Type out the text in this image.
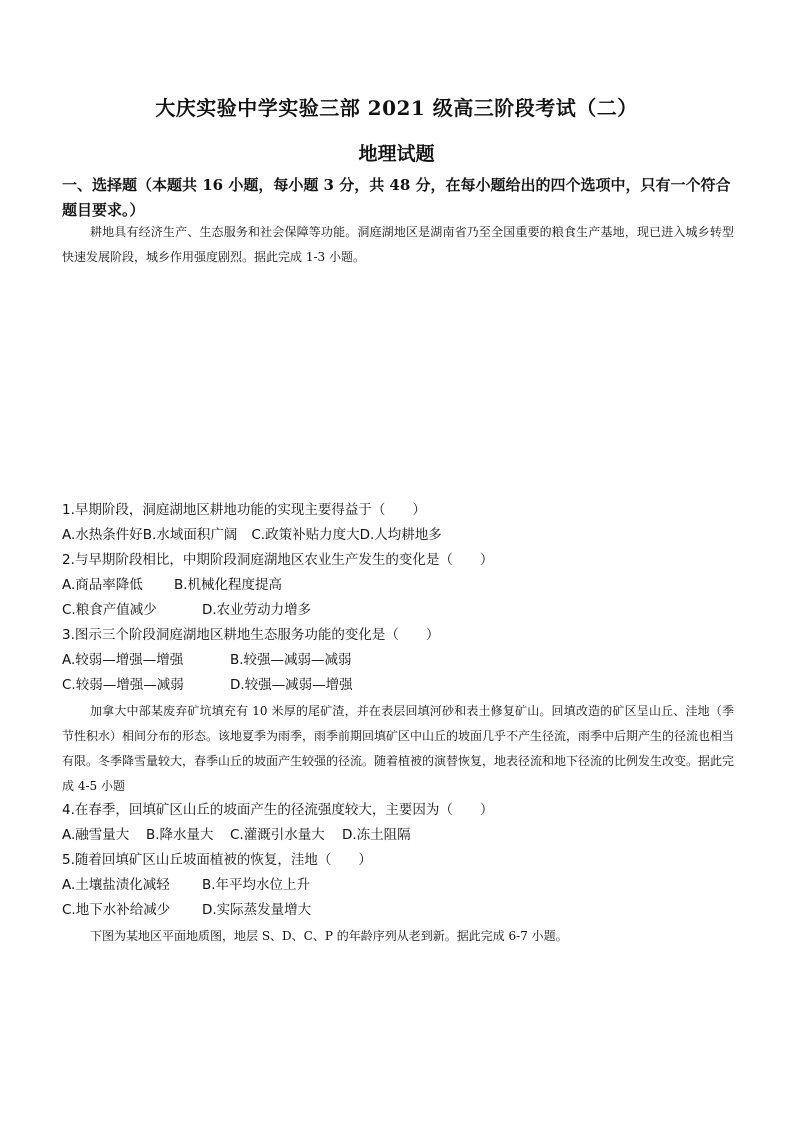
大庆实验中学实验三部 2021 级高三阶段考试（二）
地理试题
一、选择题（本题共 16 小题，每小题 3 分，共 48 分，在每小题给出的四个选项中，只有一个符合题目要求。）
耕地具有经济生产、生态服务和社会保障等功能。洞庭湖地区是湖南省乃至全国重要的粮食生产基地，现已进入城乡转型快速发展阶段，城乡作用强度剧烈。据此完成 1-3 小题。
1.早期阶段，洞庭湖地区耕地功能的实现主要得益于（　　）
A.水热条件好B.水域面积广阔 C.政策补贴力度大D.人均耕地多
2.与早期阶段相比，中期阶段洞庭湖地区农业生产发生的变化是（　　）
A.商品率降低 B.机械化程度提高
C.粮食产值减少	D.农业劳动力增多
3.图示三个阶段洞庭湖地区耕地生态服务功能的变化是（　　）
A.较弱—增强—增强	B.较强—减弱—减弱
C.较弱—增强—减弱	D.较强—减弱—增强
加拿大中部某废弃矿坑填充有 10 米厚的尾矿渣，并在表层回填河砂和表土修复矿山。回填改造的矿区呈山丘、洼地（季节性积水）相间分布的形态。该地夏季为雨季，雨季前期回填矿区中山丘的坡面几乎不产生径流，雨季中后期产生的径流也相当有限。冬季降雪量较大，春季山丘的坡面产生较强的径流。随着植被的演替恢复，地表径流和地下径流的比例发生改变。据此完成 4-5 小题
4.在春季，回填矿区山丘的坡面产生的径流强度较大，主要因为（　　）
A.融雪量大 B.降水量大 C.灌溉引水量大 D.冻土阻隔
5.随着回填矿区山丘坡面植被的恢复，洼地（　　）
A.土壤盐渍化减轻 B.年平均水位上升
C.地下水补给减少 D.实际蒸发量增大
下图为某地区平面地质图，地层 S、D、C、P 的年龄序列从老到新。据此完成 6-7 小题。
